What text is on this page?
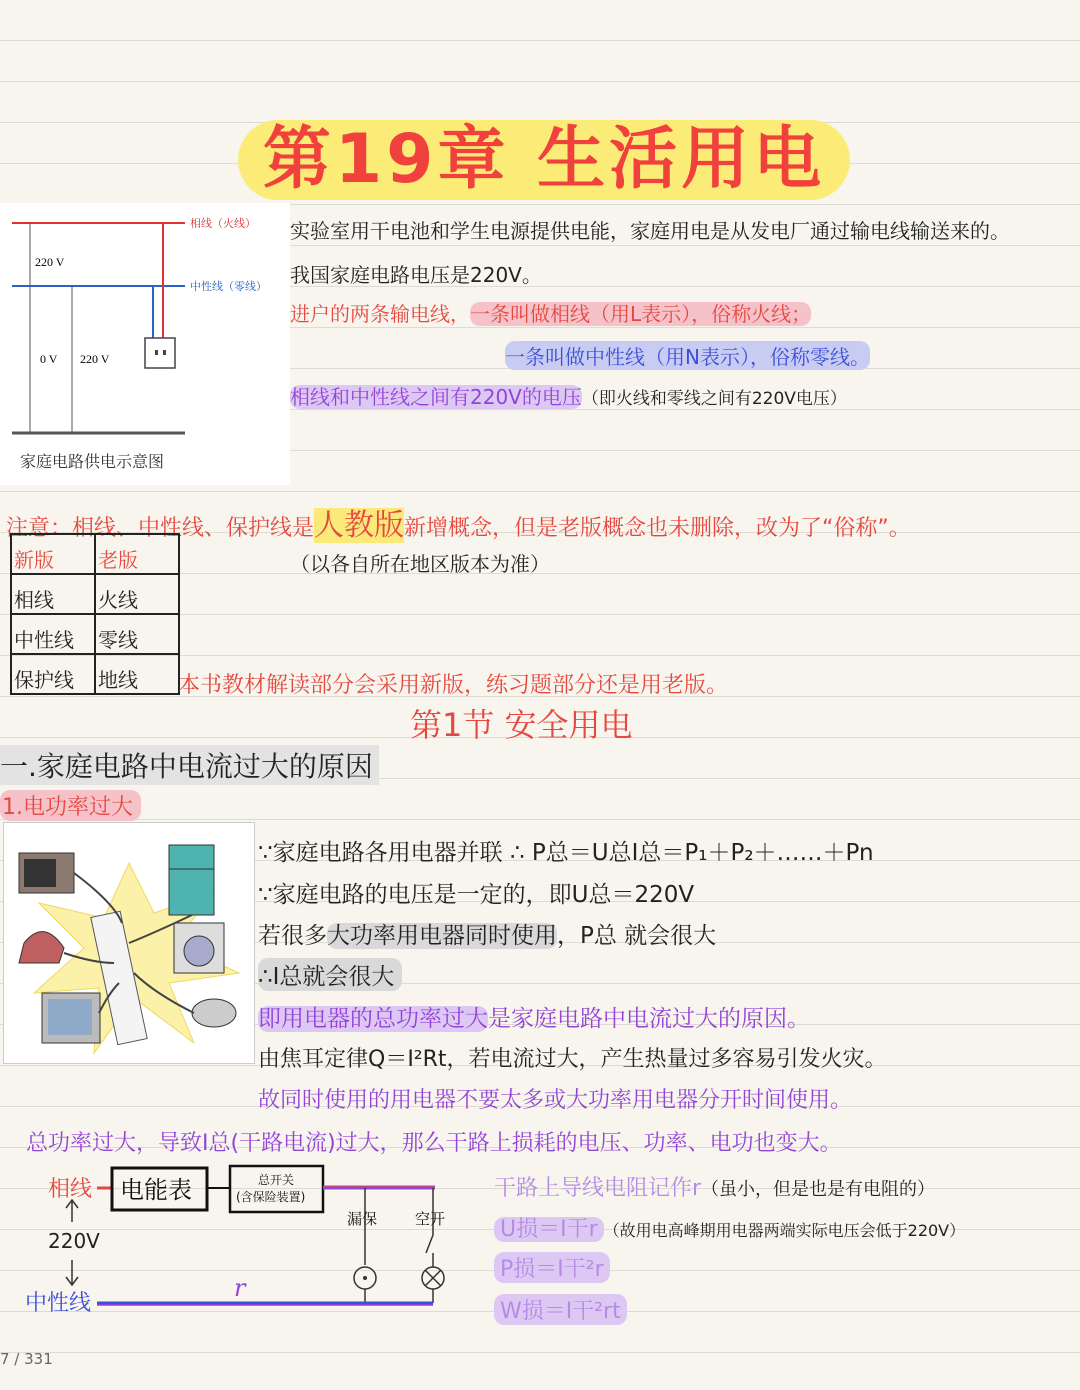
第19章 生活用电
220 V
0 V 220 V
相线（火线）
中性线（零线）
家庭电路供电示意图
实验室用干电池和学生电源提供电能，家庭用电是从发电厂通过输电线输送来的。
我国家庭电路电压是220V。
进户的两条输电线，一条叫做相线（用L表示），俗称火线；
一条叫做中性线（用N表示），俗称零线。
相线和中性线之间有220V的电压（即火线和零线之间有220V电压）
注意：相线、中性线、保护线是人教版新增概念，但是老版概念也未删除，改为了“俗称”。
（以各自所在地区版本为准）
新版	老版
相线	火线
中性线	零线
保护线	地线 本书教材解读部分会采用新版，练习题部分还是用老版。
第1节 安全用电
一.家庭电路中电流过大的原因
1.电功率过大
∵家庭电路各用电器并联 ∴ P总＝U总I总＝P₁＋P₂＋……＋Pn
∵家庭电路的电压是一定的，即U总＝220V
若很多大功率用电器同时使用，P总 就会很大
∴I总就会很大
即用电器的总功率过大是家庭电路中电流过大的原因。
由焦耳定律Q＝I²Rt，若电流过大，产生热量过多容易引发火灾。
故同时使用的用电器不要太多或大功率用电器分开时间使用。
总功率过大，导致I总(干路电流)过大，那么干路上损耗的电压、功率、电功也变大。
相线
220V
中性线
电能表	总开关
(含保险装置)
漏保	空开
r
干路上导线电阻记作r（虽小，但是也是有电阻的）
U损＝I干r （故用电高峰期用电器两端实际电压会低于220V）
P损＝I干²r
W损＝I干²rt
7 / 331
